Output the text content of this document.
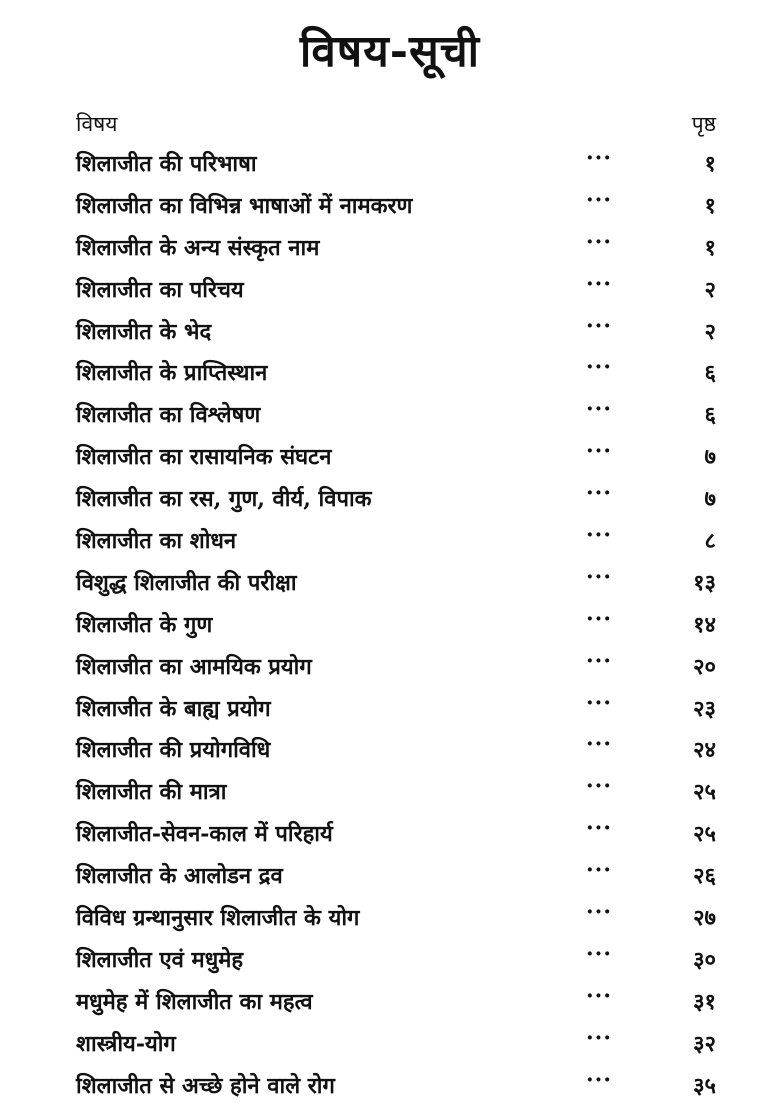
विषय-सूची
विषय	पृष्ठ
शिलाजीत की परिभाषा	···	१
शिलाजीत का विभिन्न भाषाओं में नामकरण	···	१
शिलाजीत के अन्य संस्कृत नाम	···	१
शिलाजीत का परिचय	···	२
शिलाजीत के भेद	···	२
शिलाजीत के प्राप्तिस्थान	···	६
शिलाजीत का विश्लेषण	···	६
शिलाजीत का रासायनिक संघटन	···	७
शिलाजीत का रस, गुण, वीर्य, विपाक	···	७
शिलाजीत का शोधन	···	८
विशुद्ध शिलाजीत की परीक्षा	···	१३
शिलाजीत के गुण	···	१४
शिलाजीत का आमयिक प्रयोग	···	२०
शिलाजीत के बाह्य प्रयोग	···	२३
शिलाजीत की प्रयोगविधि	···	२४
शिलाजीत की मात्रा	···	२५
शिलाजीत-सेवन-काल में परिहार्य	···	२५
शिलाजीत के आलोडन द्रव	···	२६
विविध ग्रन्थानुसार शिलाजीत के योग	···	२७
शिलाजीत एवं मधुमेह	···	३०
मधुमेह में शिलाजीत का महत्व	···	३१
शास्त्रीय-योग	···	३२
शिलाजीत से अच्छे होने वाले रोग	···	३५
